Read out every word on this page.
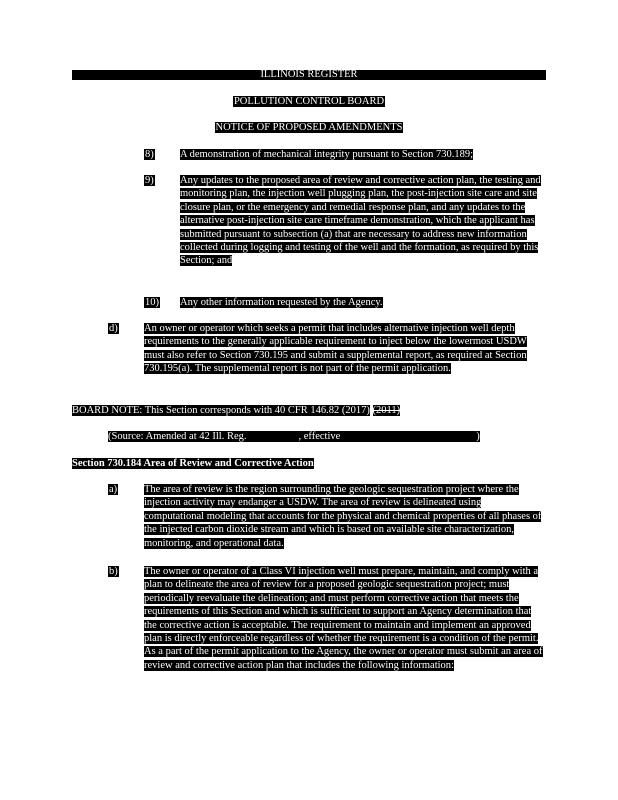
ILLINOIS REGISTER
POLLUTION CONTROL BOARD
NOTICE OF PROPOSED AMENDMENTS
8)	A demonstration of mechanical integrity pursuant to Section 730.189;
9)	Any updates to the proposed area of review and corrective action plan, the testing and monitoring plan, the injection well plugging plan, the post-injection site care and site closure plan, or the emergency and remedial response plan, and any updates to the alternative post-injection site care timeframe demonstration, which the applicant has submitted pursuant to subsection (a) that are necessary to address new information collected during logging and testing of the well and the formation, as required by this Section; and
10) Any other information requested by the Agency.
d)	An owner or operator which seeks a permit that includes alternative injection well depth requirements to the generally applicable requirement to inject below the lowermost USDW must also refer to Section 730.195 and submit a supplemental report, as required at Section 730.195(a). The supplemental report is not part of the permit application.
BOARD NOTE: This Section corresponds with 40 CFR 146.82 (2017) (2011)
(Source: Amended at 42 Ill. Reg.	, effective	)
Section 730.184 Area of Review and Corrective Action
a)	The area of review is the region surrounding the geologic sequestration project where the injection activity may endanger a USDW. The area of review is delineated using computational modeling that accounts for the physical and chemical properties of all phases of the injected carbon dioxide stream and which is based on available site characterization, monitoring, and operational data.
b)	The owner or operator of a Class VI injection well must prepare, maintain, and comply with a plan to delineate the area of review for a proposed geologic sequestration project; must periodically reevaluate the delineation; and must perform corrective action that meets the requirements of this Section and which is sufficient to support an Agency determination that the corrective action is acceptable. The requirement to maintain and implement an approved plan is directly enforceable regardless of whether the requirement is a condition of the permit. As a part of the permit application to the Agency, the owner or operator must submit an area of review and corrective action plan that includes the following information:
